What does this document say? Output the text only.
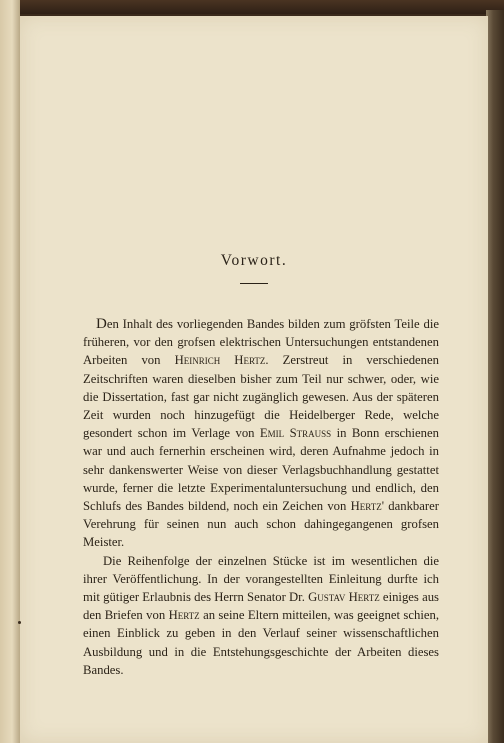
Vorwort.

Den Inhalt des vorliegenden Bandes bilden zum gröfsten Teile die früheren, vor den grofsen elektrischen Untersuchungen entstandenen Arbeiten von Heinrich Hertz. Zerstreut in verschiedenen Zeitschriften waren dieselben bisher zum Teil nur schwer, oder, wie die Dissertation, fast gar nicht zugänglich gewesen. Aus der späteren Zeit wurden noch hinzugefügt die Heidelberger Rede, welche gesondert schon im Verlage von Emil Strauss in Bonn erschienen war und auch fernerhin erscheinen wird, deren Aufnahme jedoch in sehr dankenswerter Weise von dieser Verlagsbuchhandlung gestattet wurde, ferner die letzte Experimentaluntersuchung und endlich, den Schlufs des Bandes bildend, noch ein Zeichen von Hertz' dankbarer Verehrung für seinen nun auch schon dahingegangenen grofsen Meister.

Die Reihenfolge der einzelnen Stücke ist im wesentlichen die ihrer Veröffentlichung. In der vorangestellten Einleitung durfte ich mit gütiger Erlaubnis des Herrn Senator Dr. Gustav Hertz einiges aus den Briefen von Hertz an seine Eltern mitteilen, was geeignet schien, einen Einblick zu geben in den Verlauf seiner wissenschaftlichen Ausbildung und in die Entstehungsgeschichte der Arbeiten dieses Bandes.
